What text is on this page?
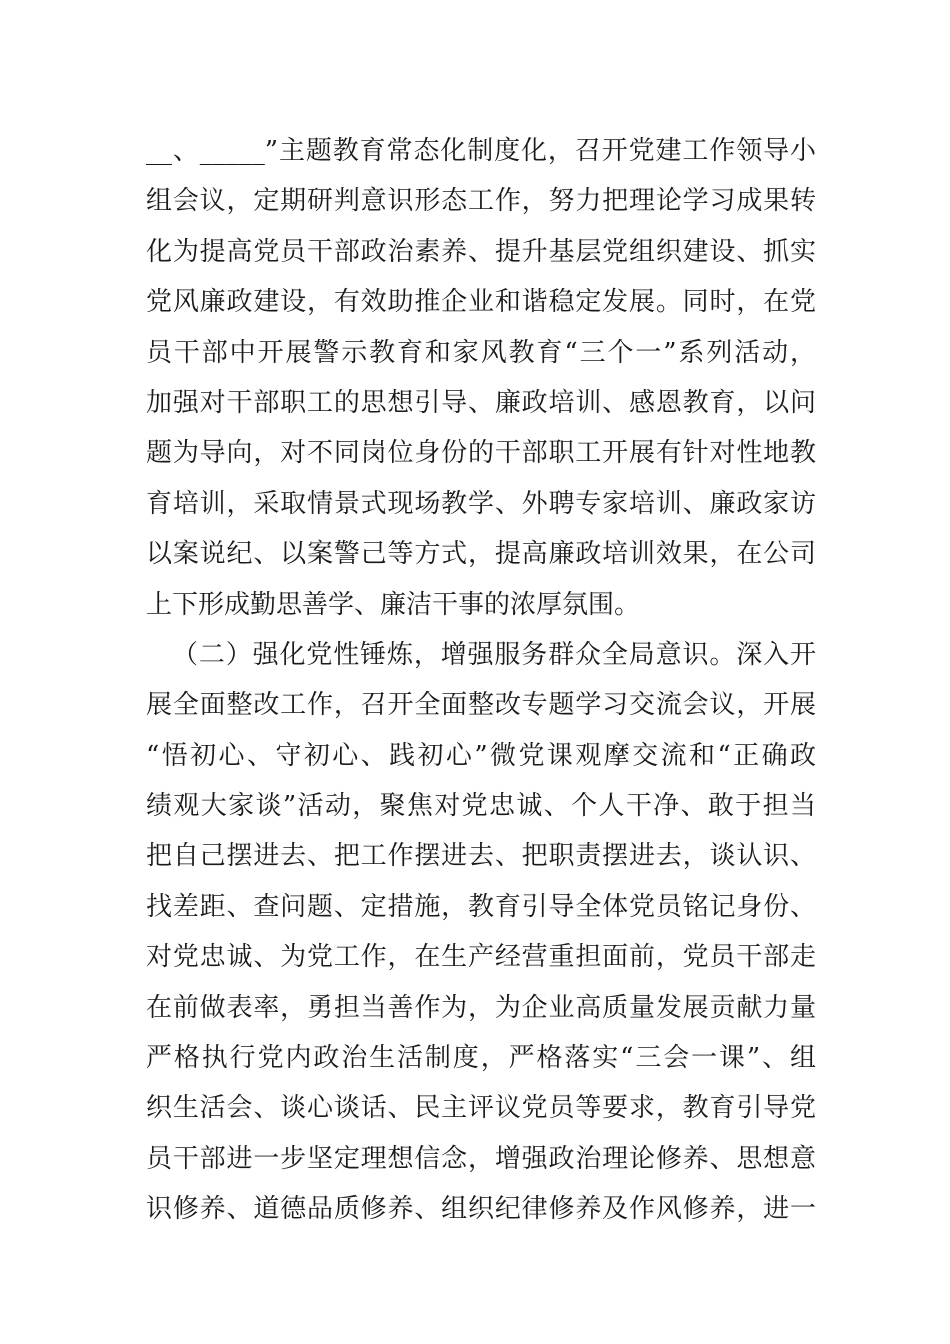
__、_____”主题教育常态化制度化，召开党建工作领导小
组会议，定期研判意识形态工作，努力把理论学习成果转
化为提高党员干部政治素养、提升基层党组织建设、抓实
党风廉政建设，有效助推企业和谐稳定发展。同时，在党
员干部中开展警示教育和家风教育“三个一”系列活动，
加强对干部职工的思想引导、廉政培训、感恩教育，以问
题为导向，对不同岗位身份的干部职工开展有针对性地教
育培训，采取情景式现场教学、外聘专家培训、廉政家访
以案说纪、以案警己等方式，提高廉政培训效果，在公司
上下形成勤思善学、廉洁干事的浓厚氛围。
（二）强化党性锤炼，增强服务群众全局意识。深入开
展全面整改工作，召开全面整改专题学习交流会议，开展
“悟初心、守初心、践初心”微党课观摩交流和“正确政
绩观大家谈”活动，聚焦对党忠诚、个人干净、敢于担当
把自己摆进去、把工作摆进去、把职责摆进去，谈认识、
找差距、查问题、定措施，教育引导全体党员铭记身份、
对党忠诚、为党工作，在生产经营重担面前，党员干部走
在前做表率，勇担当善作为，为企业高质量发展贡献力量
严格执行党内政治生活制度，严格落实“三会一课”、组
织生活会、谈心谈话、民主评议党员等要求，教育引导党
员干部进一步坚定理想信念，增强政治理论修养、思想意
识修养、道德品质修养、组织纪律修养及作风修养，进一
